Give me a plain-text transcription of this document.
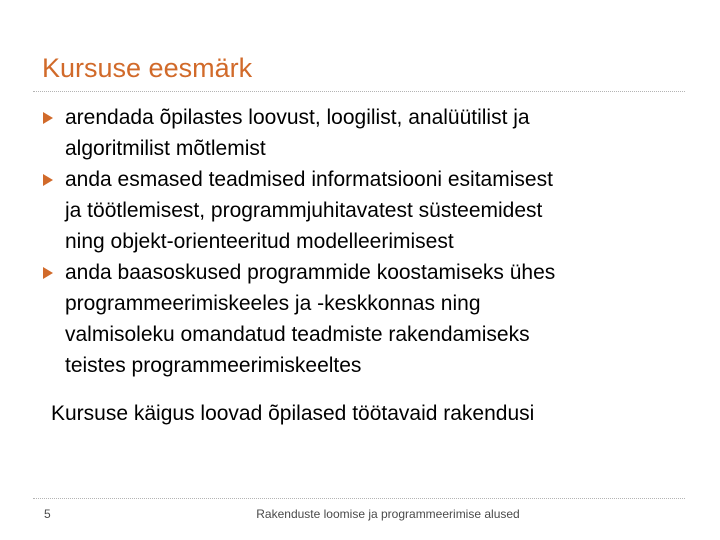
Kursuse eesmärk
arendada õpilastes loovust, loogilist, analüütilist ja
algoritmilist mõtlemist
anda esmased teadmised informatsiooni esitamisest
ja töötlemisest, programmjuhitavatest süsteemidest
ning objekt-orienteeritud modelleerimisest
anda baasoskused programmide koostamiseks ühes
programmeerimiskeeles ja -keskkonnas ning
valmisoleku omandatud teadmiste rakendamiseks
teistes programmeerimiskeeltes

Kursuse käigus loovad õpilased töötavaid rakendusi

5	Rakenduste loomise ja programmeerimise alused
